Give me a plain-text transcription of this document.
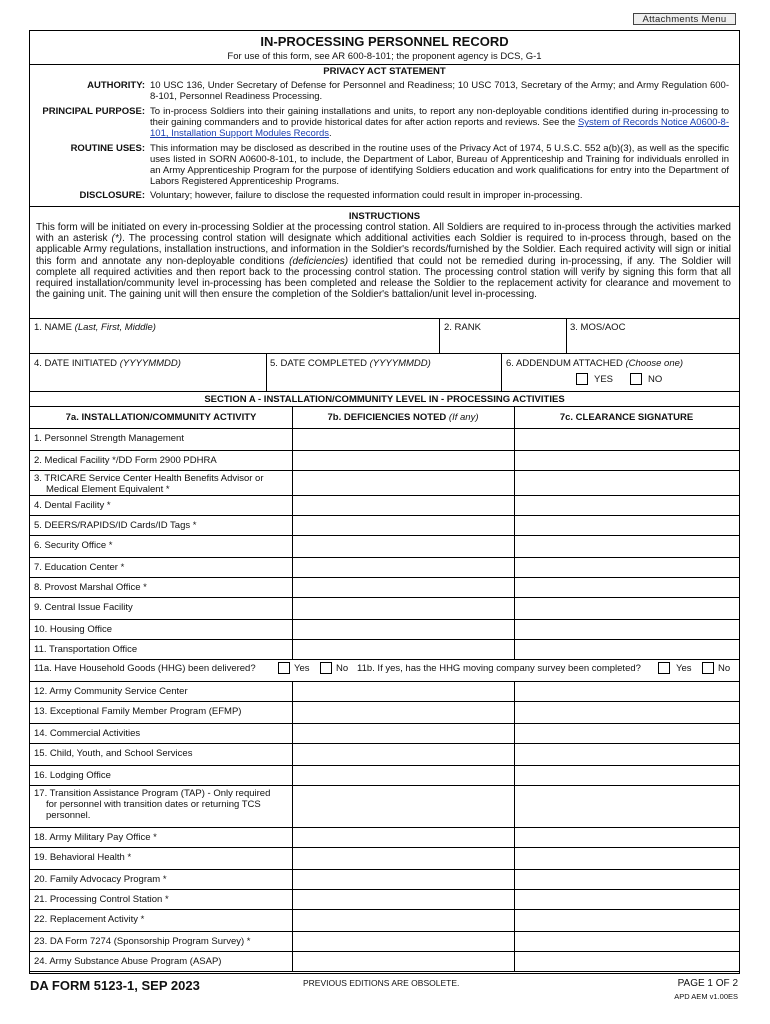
Attachments Menu
IN-PROCESSING PERSONNEL RECORD
For use of this form, see AR 600-8-101; the proponent agency is DCS, G-1
PRIVACY ACT STATEMENT
AUTHORITY: 10 USC 136, Under Secretary of Defense for Personnel and Readiness; 10 USC 7013, Secretary of the Army; and Army Regulation 600-8-101, Personnel Readiness Processing.
PRINCIPAL PURPOSE: To in-process Soldiers into their gaining installations and units, to report any non-deployable conditions identified during in-processing to their gaining commanders and to provide historical dates for after action reports and reviews. See the System of Records Notice A0600-8-101, Installation Support Modules Records.
ROUTINE USES: This information may be disclosed as described in the routine uses of the Privacy Act of 1974, 5 U.S.C. 552 a(b)(3), as well as the specific uses listed in SORN A0600-8-101, to include, the Department of Labor, Bureau of Apprenticeship and Training for individuals enrolled in an Army Apprenticeship Program for the purpose of identifying Soldiers education and work qualifications for entry into the Department of Labors Registered Apprenticeship Programs.
DISCLOSURE: Voluntary; however, failure to disclose the requested information could result in improper in-processing.
INSTRUCTIONS
This form will be initiated on every in-processing Soldier at the processing control station. All Soldiers are required to in-process through the activities marked with an asterisk (*). The processing control station will designate which additional activities each Soldier is required to in-process through, based on the applicable Army regulations, installation instructions, and information in the Soldier's records/furnished by the Soldier. Each required activity will sign or initial this form and annotate any non-deployable conditions (deficiencies) identified that could not be remedied during in-processing, if any. The Soldier will complete all required activities and then report back to the processing control station. The processing control station will verify by signing this form that all required installation/community level in-processing has been completed and release the Soldier to the replacement activity for clearance and movement to the gaining unit. The gaining unit will then ensure the completion of the Soldier's battalion/unit level in-processing.
1. NAME (Last, First, Middle)	2. RANK	3. MOS/AOC
4. DATE INITIATED (YYYYMMDD)	5. DATE COMPLETED (YYYYMMDD)	6. ADDENDUM ATTACHED (Choose one)
YES	NO
SECTION A - INSTALLATION/COMMUNITY LEVEL IN - PROCESSING ACTIVITIES
7a. INSTALLATION/COMMUNITY ACTIVITY	7b. DEFICIENCIES NOTED (If any)	7c. CLEARANCE SIGNATURE
1. Personnel Strength Management
2. Medical Facility */DD Form 2900 PDHRA
3. TRICARE Service Center Health Benefits Advisor or Medical Element Equivalent *
4. Dental Facility *
5. DEERS/RAPIDS/ID Cards/ID Tags *
6. Security Office *
7. Education Center *
8. Provost Marshal Office *
9. Central Issue Facility
10. Housing Office
11. Transportation Office
11a. Have Household Goods (HHG) been delivered?	Yes	No 11b. If yes, has the HHG moving company survey been completed?	Yes	No
12. Army Community Service Center
13. Exceptional Family Member Program (EFMP)
14. Commercial Activities
15. Child, Youth, and School Services
16. Lodging Office
17. Transition Assistance Program (TAP) - Only required for personnel with transition dates or returning TCS personnel.
18. Army Military Pay Office *
19. Behavioral Health *
20. Family Advocacy Program *
21. Processing Control Station *
22. Replacement Activity *
23. DA Form 7274 (Sponsorship Program Survey) *
24. Army Substance Abuse Program (ASAP)
DA FORM 5123-1, SEP 2023	PREVIOUS EDITIONS ARE OBSOLETE.	PAGE 1 OF 2
APD AEM v1.00ES
